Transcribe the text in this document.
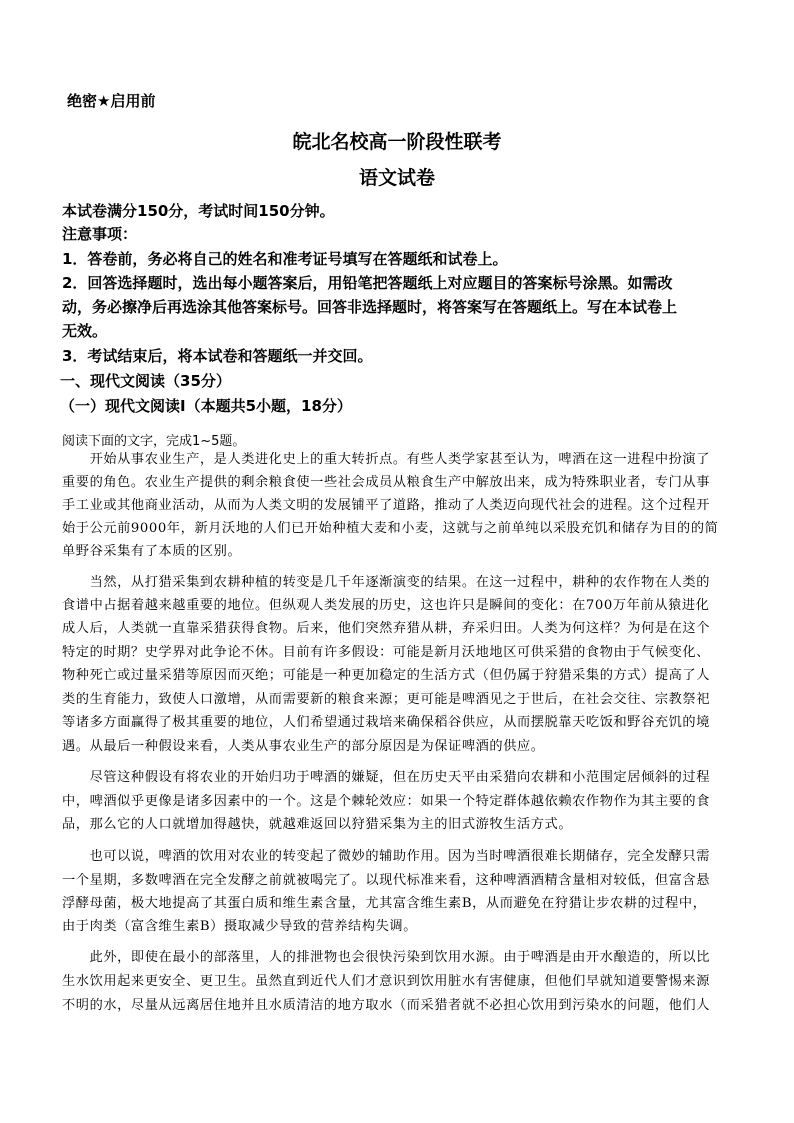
绝密★启用前
皖北名校高一阶段性联考
语文试卷
本试卷满分150分，考试时间150分钟。
注意事项：
1．答卷前，务必将自己的姓名和准考证号填写在答题纸和试卷上。
2．回答选择题时，选出每小题答案后，用铅笔把答题纸上对应题目的答案标号涂黑。如需改
动，务必擦净后再选涂其他答案标号。回答非选择题时，将答案写在答题纸上。写在本试卷上
无效。
3．考试结束后，将本试卷和答题纸一并交回。
一、现代文阅读（35分）
（一）现代文阅读Ⅰ（本题共5小题，18分）
阅读下面的文字，完成1~5题。
　　开始从事农业生产，是人类进化史上的重大转折点。有些人类学家甚至认为，啤酒在这一进程中扮演了
重要的角色。农业生产提供的剩余粮食使一些社会成员从粮食生产中解放出来，成为特殊职业者，专门从事
手工业或其他商业活动，从而为人类文明的发展铺平了道路，推动了人类迈向现代社会的进程。这个过程开
始于公元前9000年，新月沃地的人们已开始种植大麦和小麦，这就与之前单纯以采股充饥和储存为目的的简
单野谷采集有了本质的区别。
　　当然，从打猎采集到农耕种植的转变是几千年逐渐演变的结果。在这一过程中，耕种的农作物在人类的
食谱中占据着越来越重要的地位。但纵观人类发展的历史，这也许只是瞬间的变化：在700万年前从猿进化
成人后，人类就一直靠采猎获得食物。后来，他们突然弃猎从耕，弃采归田。人类为何这样？为何是在这个
特定的时期？史学界对此争论不休。目前有许多假设：可能是新月沃地地区可供采猎的食物由于气候变化、
物种死亡或过量采猎等原因而灭绝；可能是一种更加稳定的生活方式（但仍属于狩猎采集的方式）提高了人
类的生育能力，致使人口激增，从而需要新的粮食来源；更可能是啤酒见之于世后，在社会交往、宗教祭祀
等诸多方面赢得了极其重要的地位，人们希望通过栽培来确保稻谷供应，从而摆脱靠天吃饭和野谷充饥的境
遇。从最后一种假设来看，人类从事农业生产的部分原因是为保证啤酒的供应。
　　尽管这种假设有将农业的开始归功于啤酒的嫌疑，但在历史天平由采猎向农耕和小范围定居倾斜的过程
中，啤酒似乎更像是诸多因素中的一个。这是个棘轮效应：如果一个特定群体越依赖农作物作为其主要的食
品，那么它的人口就增加得越快，就越难返回以狩猎采集为主的旧式游牧生活方式。
　　也可以说，啤酒的饮用对农业的转变起了微妙的辅助作用。因为当时啤酒很难长期储存，完全发酵只需
一个星期，多数啤酒在完全发酵之前就被喝完了。以现代标准来看，这种啤酒酒精含量相对较低，但富含悬
浮酵母菌，极大地提高了其蛋白质和维生素含量，尤其富含维生素B，从而避免在狩猎让步农耕的过程中，
由于肉类（富含维生素B）摄取减少导致的营养结构失调。
　　此外，即使在最小的部落里，人的排泄物也会很快污染到饮用水源。由于啤酒是由开水酿造的，所以比
生水饮用起来更安全、更卫生。虽然直到近代人们才意识到饮用脏水有害健康，但他们早就知道要警惕来源
不明的水，尽量从远离居住地并且水质清洁的地方取水（而采猎者就不必担心饮用到污染水的问题，他们人
